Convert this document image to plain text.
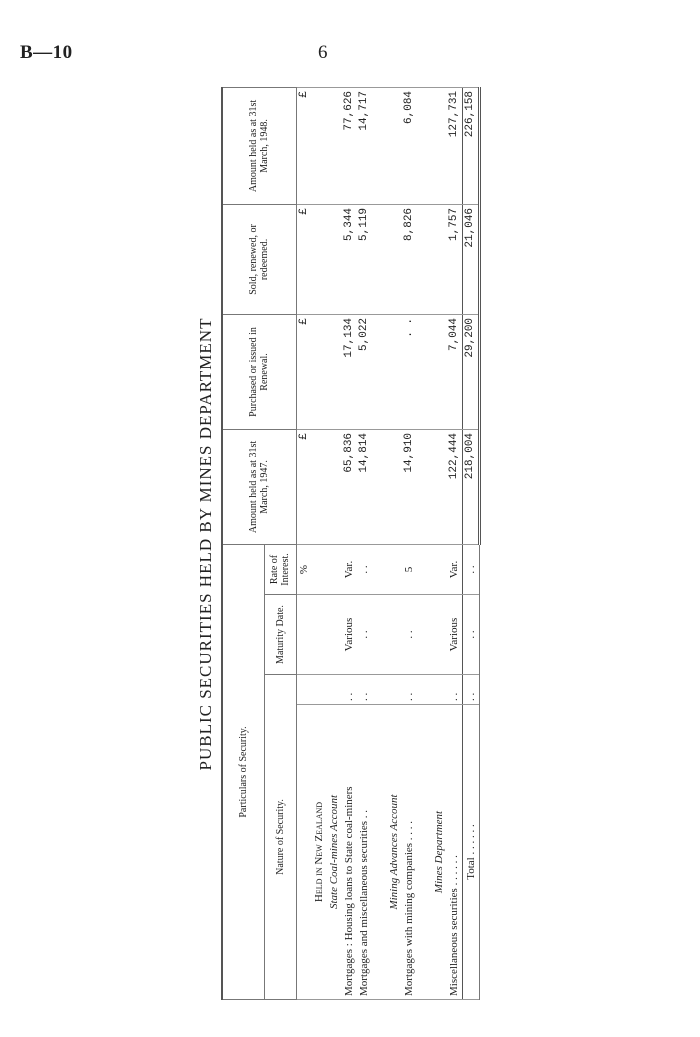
B—10	6
PUBLIC SECURITIES HELD BY MINES DEPARTMENT
Particulars of Security.				Amount held as at 31st March, 1947.	Purchased or issued in Renewal.	Sold, renewed, or redeemed.	Amount held as at 31st March, 1948.
Nature of Security.		Maturity Date.	Rate of Interest.				
			%	£	£	£	£
Held in New Zealand							
State Coal-mines Account							
Mortgages : Housing loans to State coal-miners	. .	Various	Var.	65,836	17,134	5,344	77,626
Mortgages and miscellaneous securities . .	. .	. .	. .	14,814	5,022	5,119	14,717

Mining Advances Account							
Mortgages with mining companies . . . .	. .	. .	5	14,910	. .	8,826	6,084

Mines Department							
Miscellaneous securities . . . . . .	. .	Various	Var.	122,444	7,044	1,757	127,731
Total . . . . . .	. .	. .	. .	218,004	29,200	21,046	226,158
